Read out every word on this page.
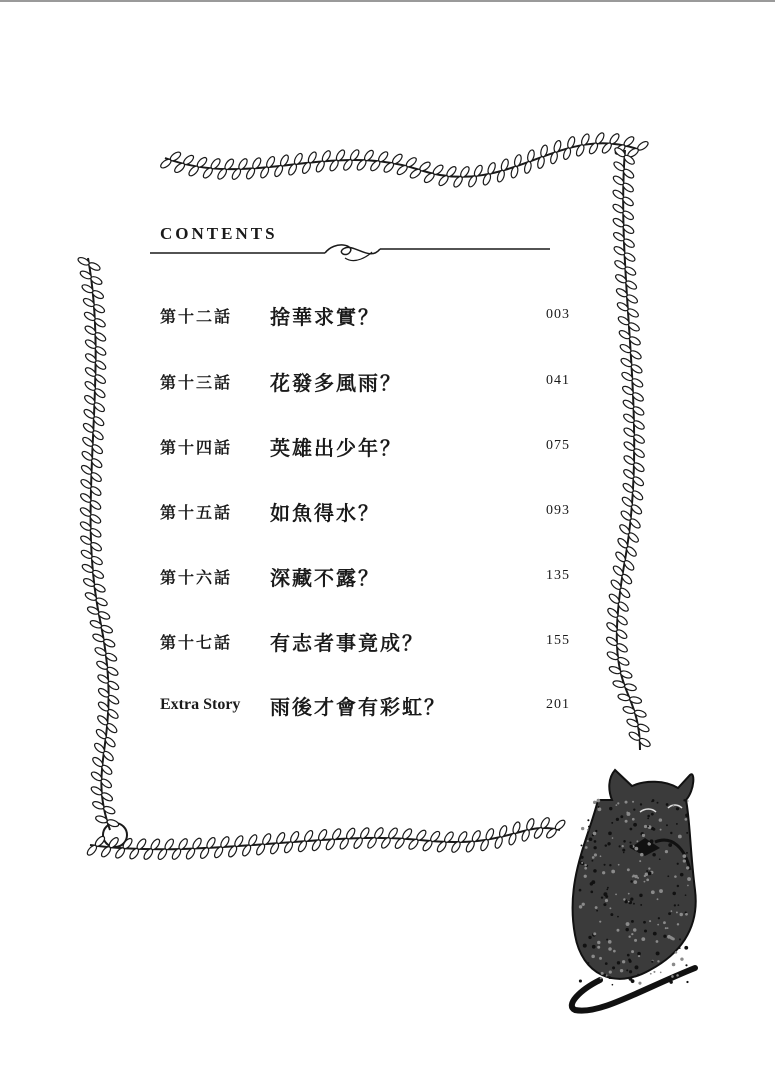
CONTENTS
第十二話	捨華求實？	003
第十三話	花發多風雨？	041
第十四話	英雄出少年？	075
第十五話	如魚得水？	093
第十六話	深藏不露？	135
第十七話	有志者事竟成？	155
Extra Story	雨後才會有彩虹？	201
